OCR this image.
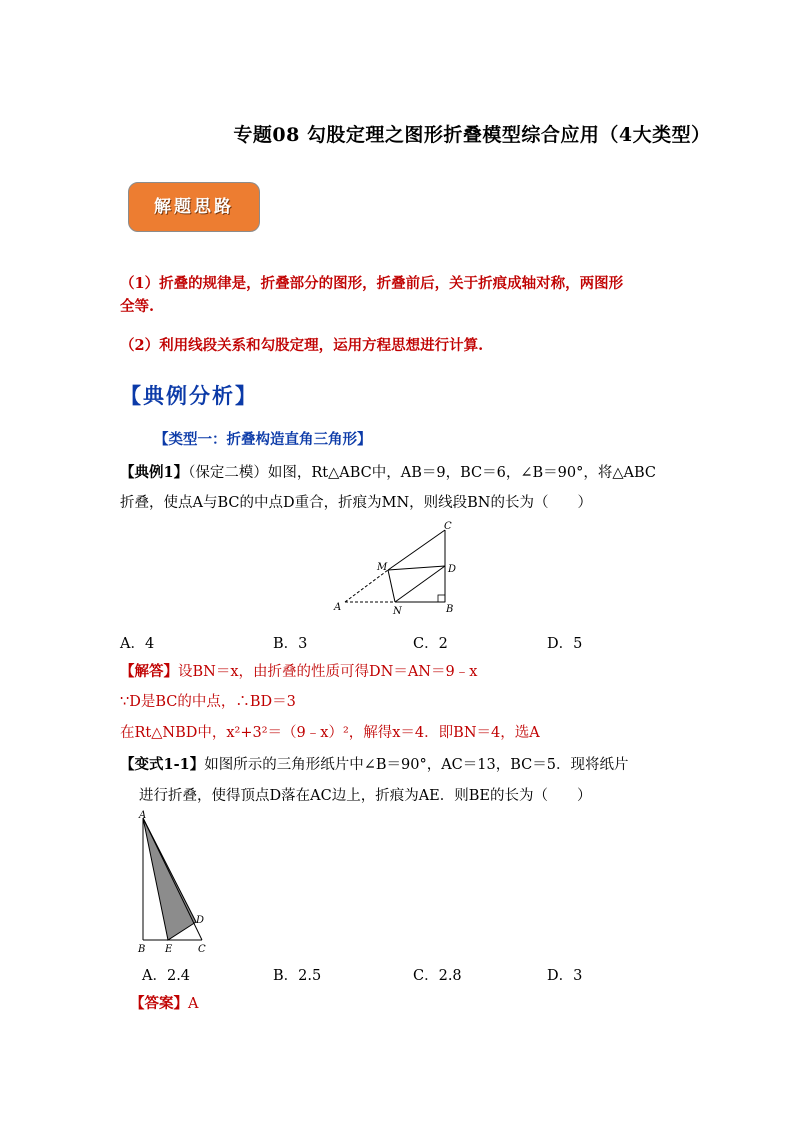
专题08 勾股定理之图形折叠模型综合应用（4大类型）
解题思路
（1）折叠的规律是，折叠部分的图形，折叠前后，关于折痕成轴对称，两图形
全等.
（2）利用线段关系和勾股定理，运用方程思想进行计算.
【典例分析】
【类型一：折叠构造直角三角形】
【典例1】（保定二模）如图，Rt△ABC中，AB＝9，BC＝6，∠B＝90°，将△ABC
折叠，使点A与BC的中点D重合，折痕为MN，则线段BN的长为（　　）
A	B
C
D
M
N
A．4	B．3	C．2	D．5
【解答】设BN＝x，由折叠的性质可得DN＝AN＝9﹣x
∵D是BC的中点，∴BD＝3
在Rt△NBD中，x²+3²＝（9﹣x）²，解得x＝4．即BN＝4，选A
【变式1-1】如图所示的三角形纸片中∠B＝90°，AC＝13，BC＝5．现将纸片
进行折叠，使得顶点D落在AC边上，折痕为AE．则BE的长为（　　）
A
B	C
D
E
A．2.4	B．2.5	C．2.8	D．3
【答案】A
